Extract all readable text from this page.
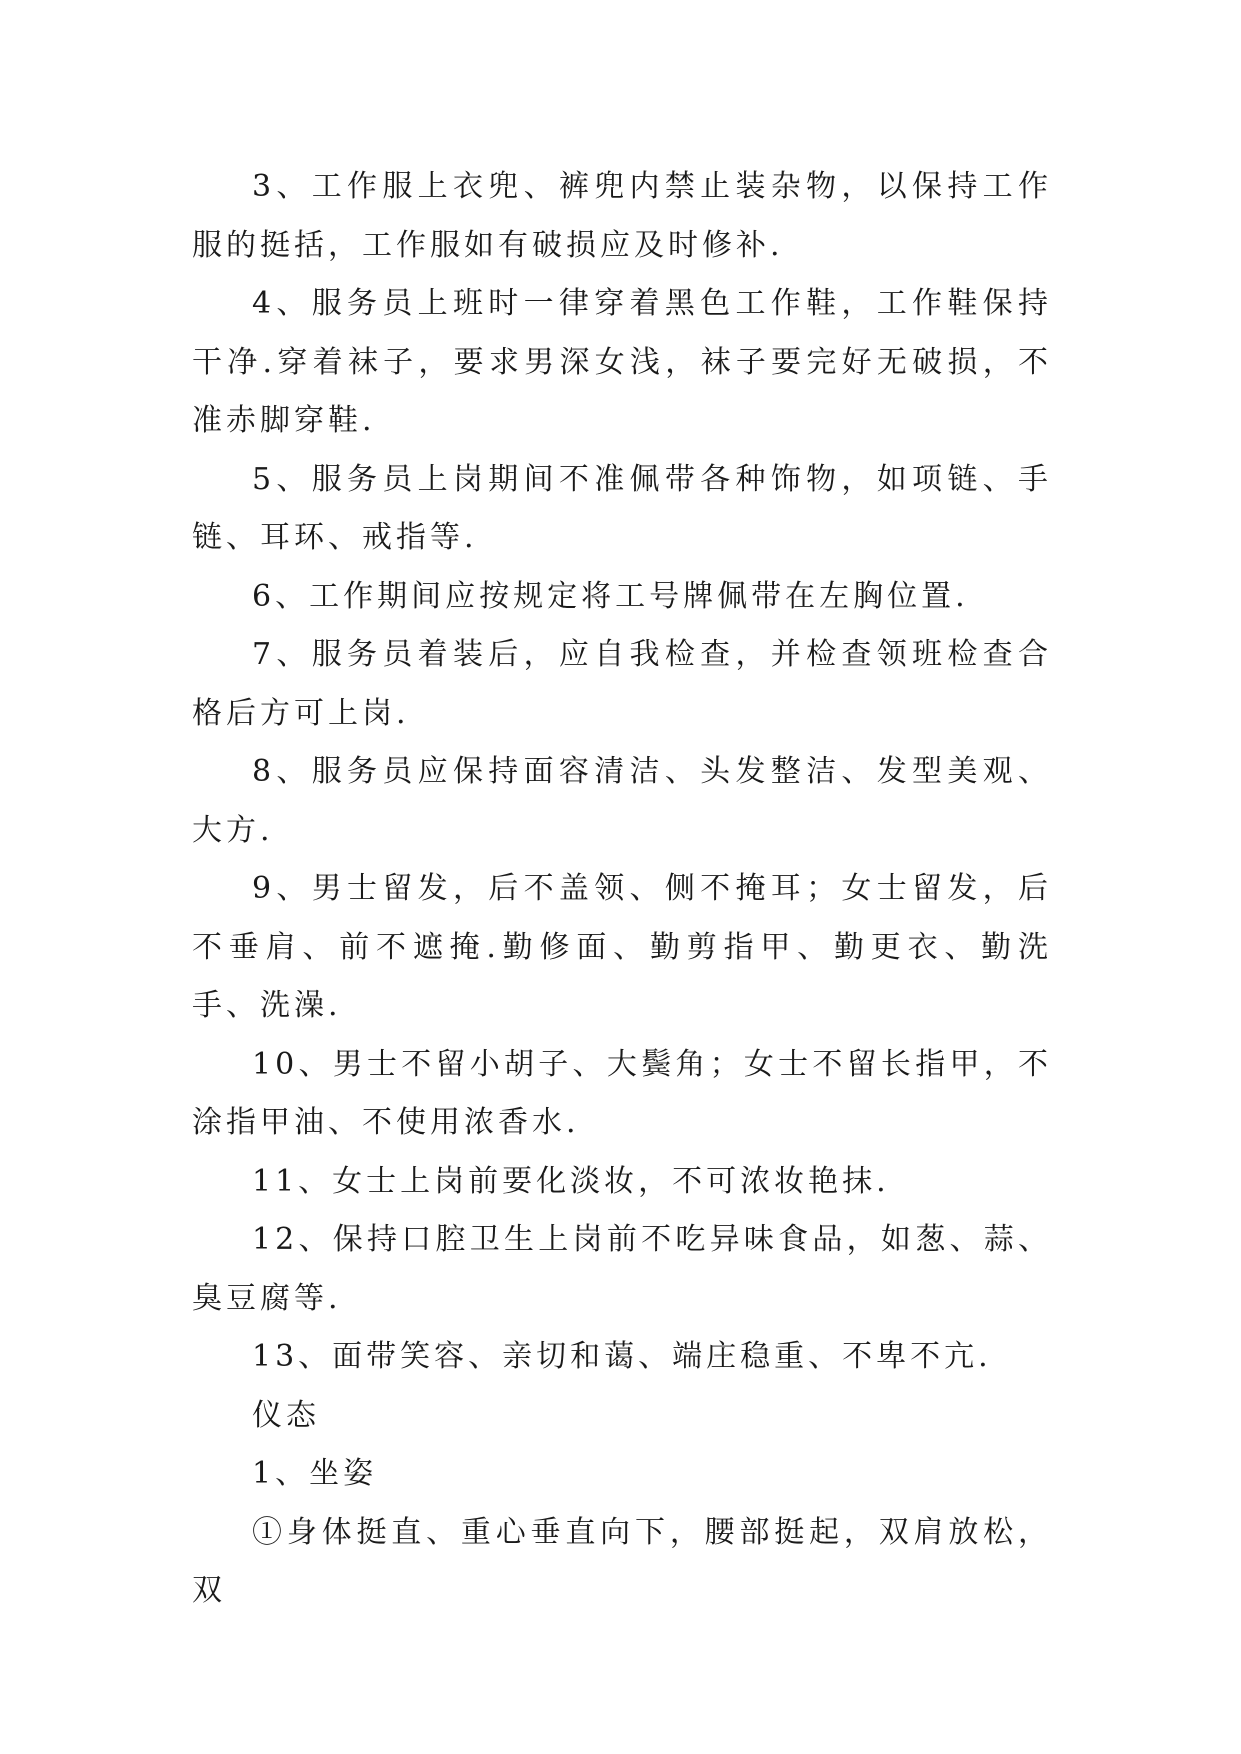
3、工作服上衣兜、裤兜内禁止装杂物，以保持工作服的挺括，工作服如有破损应及时修补.

4、服务员上班时一律穿着黑色工作鞋，工作鞋保持干净.穿着袜子，要求男深女浅，袜子要完好无破损，不准赤脚穿鞋.

5、服务员上岗期间不准佩带各种饰物，如项链、手链、耳环、戒指等.

6、工作期间应按规定将工号牌佩带在左胸位置.

7、服务员着装后，应自我检查，并检查领班检查合格后方可上岗.

8、服务员应保持面容清洁、头发整洁、发型美观、大方.

9、男士留发，后不盖领、侧不掩耳；女士留发，后不垂肩、前不遮掩.勤修面、勤剪指甲、勤更衣、勤洗手、洗澡.

10、男士不留小胡子、大鬓角；女士不留长指甲，不涂指甲油、不使用浓香水.

11、女士上岗前要化淡妆，不可浓妆艳抹.

12、保持口腔卫生上岗前不吃异味食品，如葱、蒜、臭豆腐等.

13、面带笑容、亲切和蔼、端庄稳重、不卑不亢.

仪态

1、坐姿

①身体挺直、重心垂直向下，腰部挺起，双肩放松，双
